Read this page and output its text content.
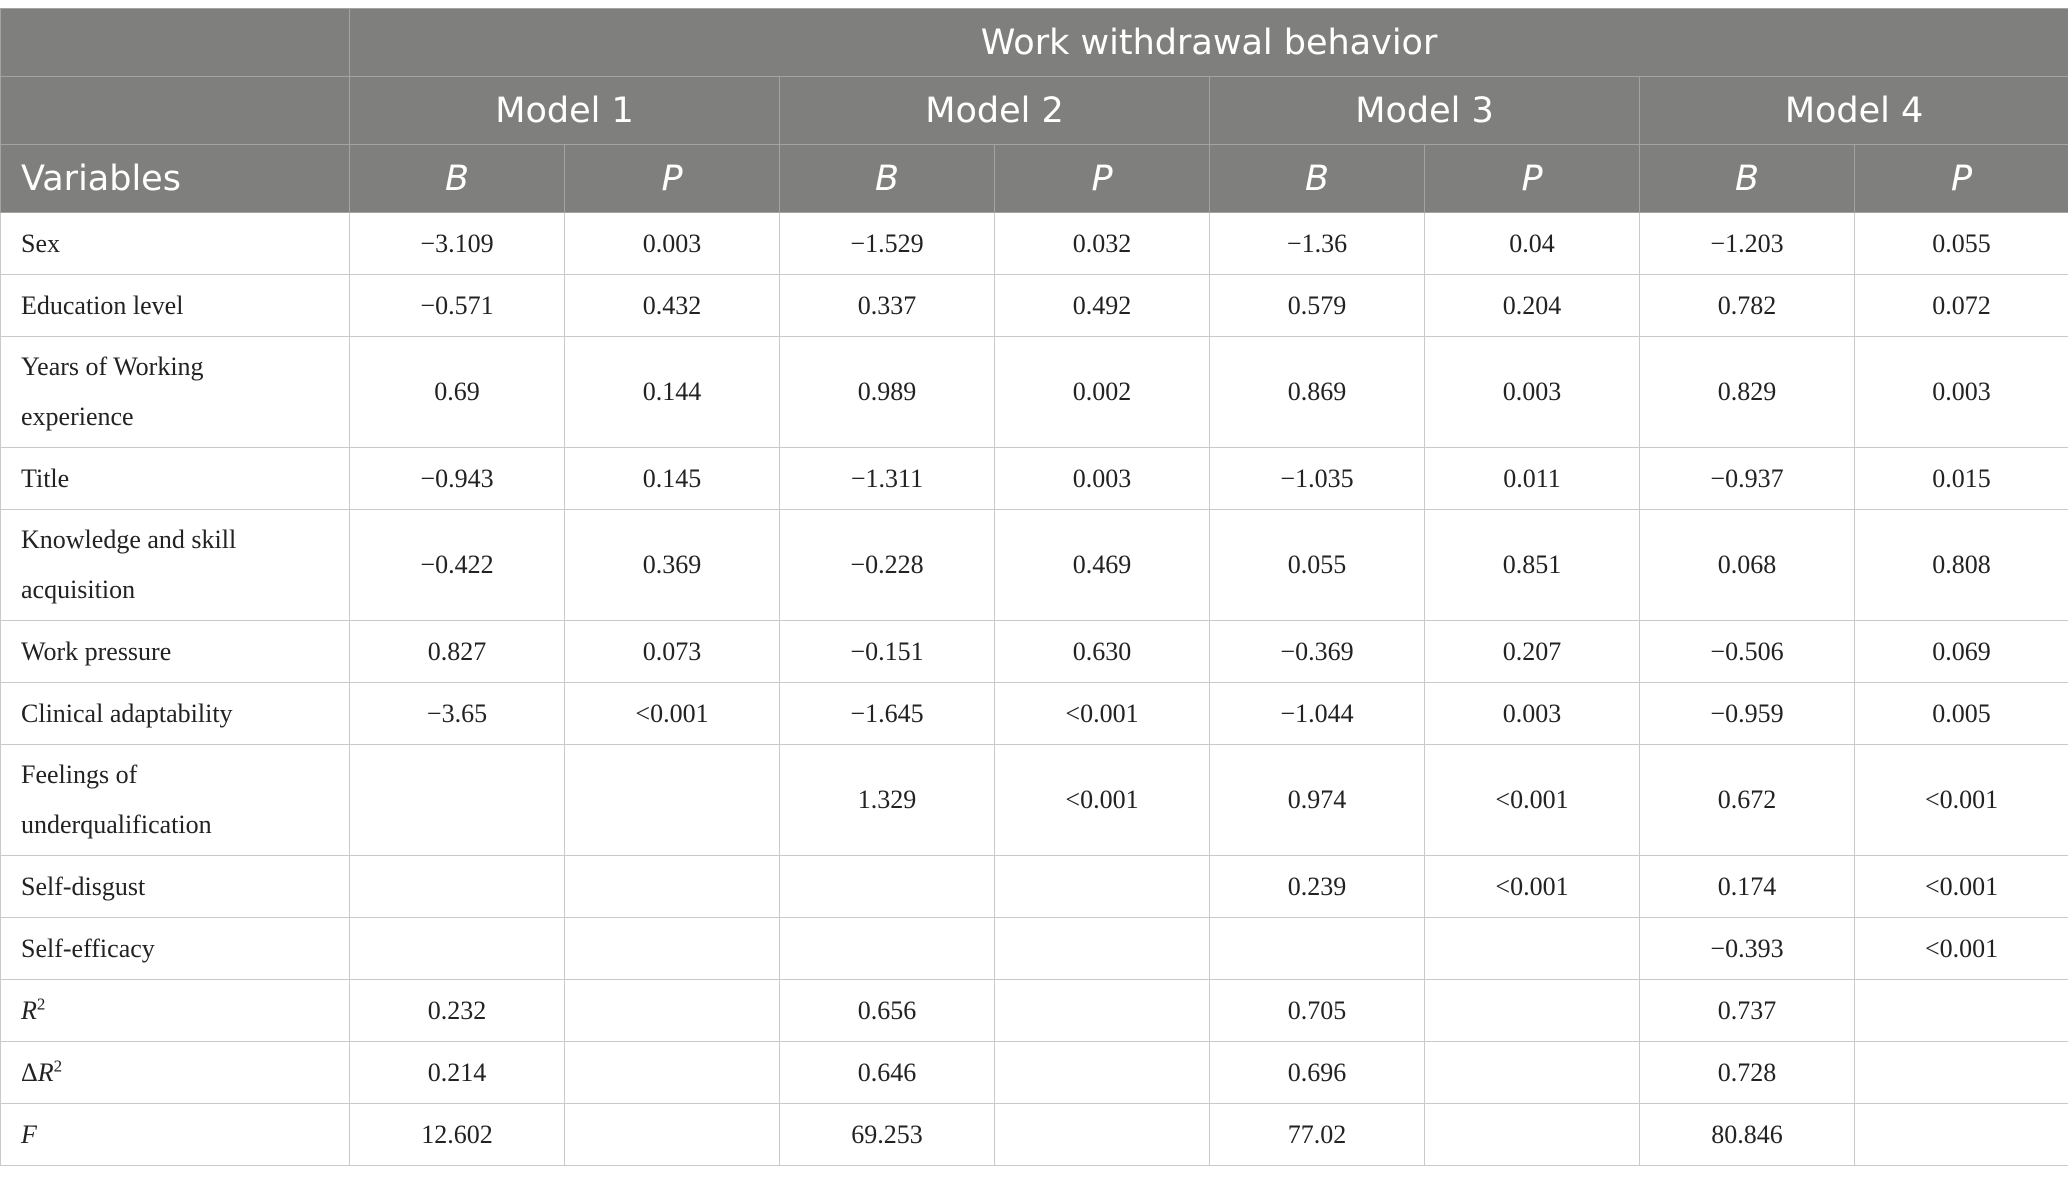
	Work withdrawal behavior							
	Model 1		Model 2		Model 3		Model 4	
Variables	B	P	B	P	B	P	B	P
Sex	−3.109	0.003	−1.529	0.032	−1.36	0.04	−1.203	0.055
Education level	−0.571	0.432	0.337	0.492	0.579	0.204	0.782	0.072
Years of Working
experience	0.69	0.144	0.989	0.002	0.869	0.003	0.829	0.003
Title	−0.943	0.145	−1.311	0.003	−1.035	0.011	−0.937	0.015
Knowledge and skill
acquisition	−0.422	0.369	−0.228	0.469	0.055	0.851	0.068	0.808
Work pressure	0.827	0.073	−0.151	0.630	−0.369	0.207	−0.506	0.069
Clinical adaptability	−3.65	<0.001	−1.645	<0.001	−1.044	0.003	−0.959	0.005
Feelings of
underqualification			1.329	<0.001	0.974	<0.001	0.672	<0.001
Self-disgust					0.239	<0.001	0.174	<0.001
Self-efficacy							−0.393	<0.001
$R^2$	0.232		0.656		0.705		0.737	
$\Delta R^2$	0.214		0.646		0.696		0.728	
F	12.602		69.253		77.02		80.846	
